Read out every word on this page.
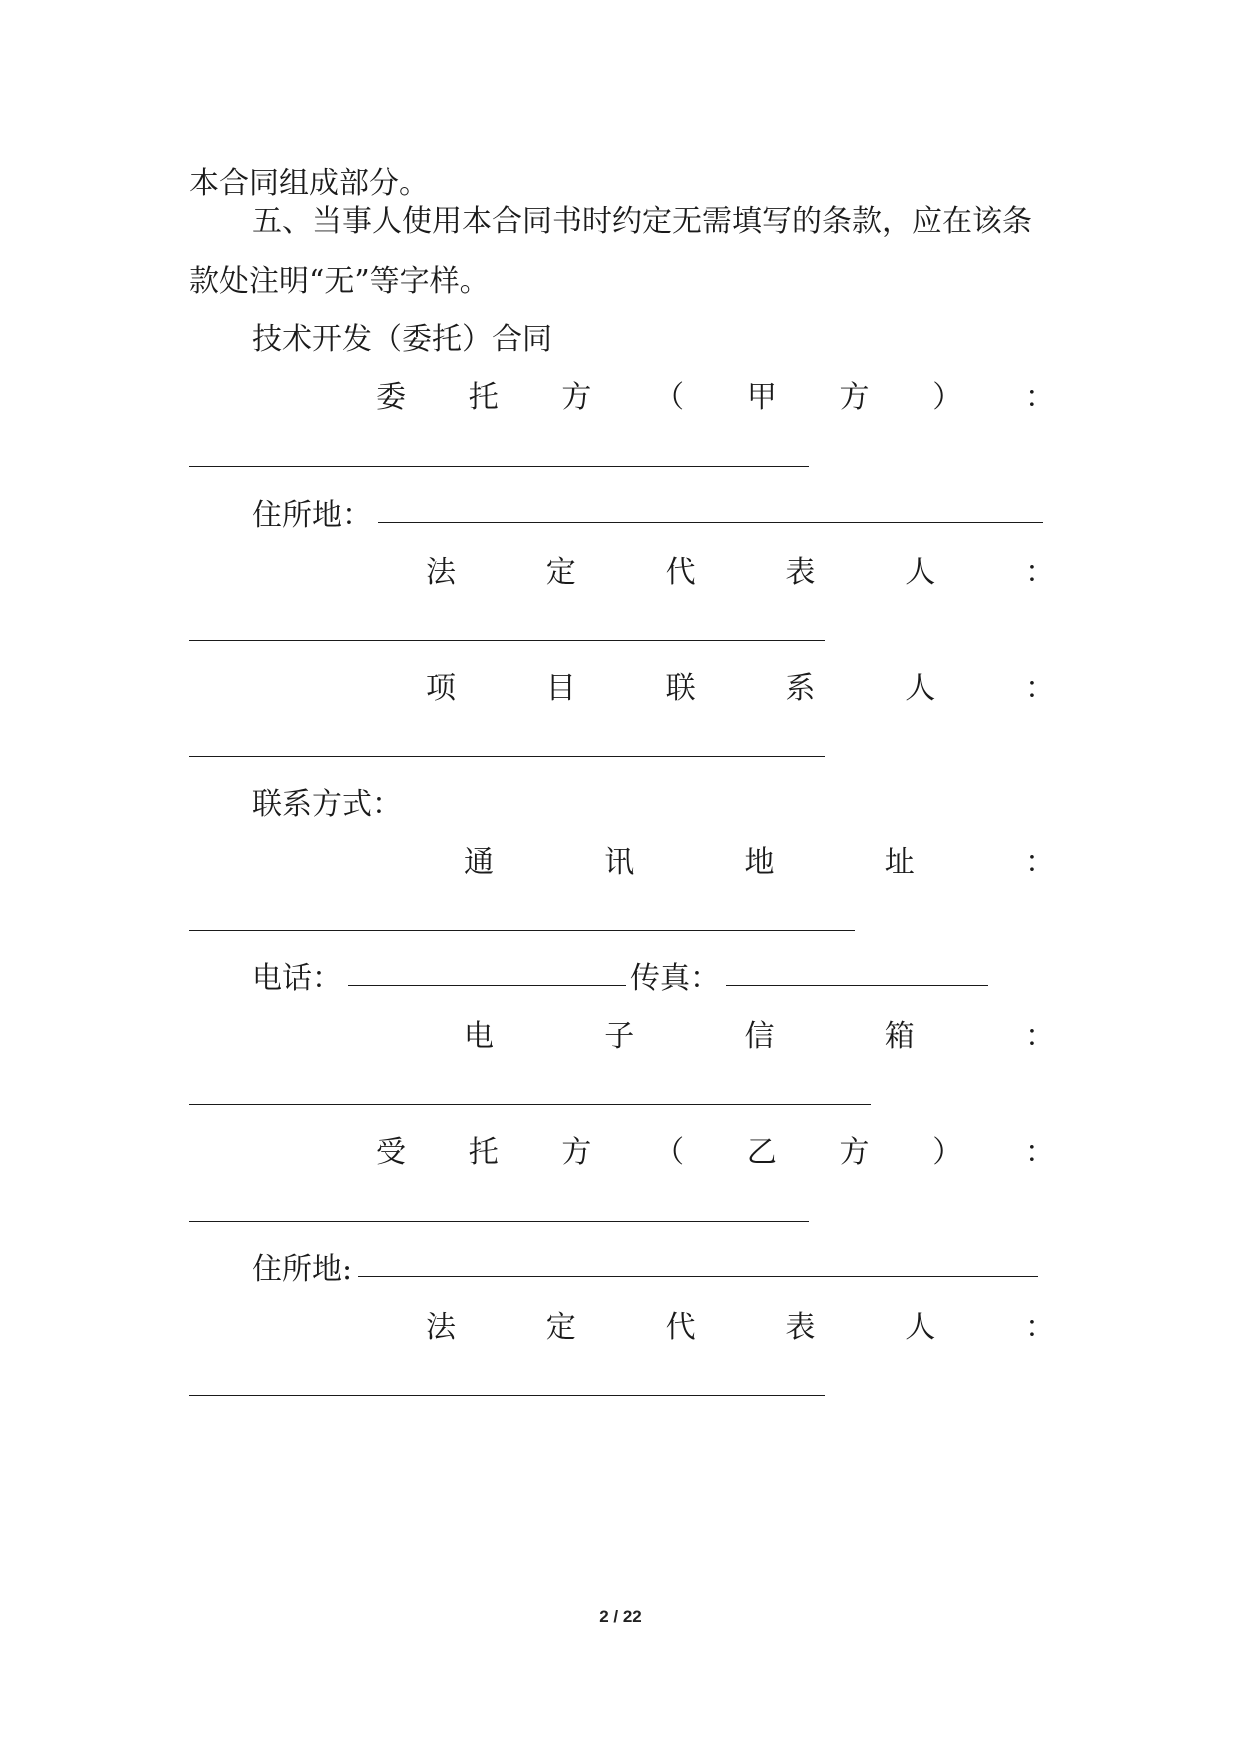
本合同组成部分。
五、当事人使用本合同书时约定无需填写的条款，应在该条
款处注明“无”等字样。
技术开发（委托）合同
委 托 方 （ 甲 方 ） ：
住所地：
法	定	代	表	人	：
项	目	联	系	人	：
联系方式：
通	讯	地	址	：
电话：	传真：
电	子	信	箱	：
受 托 方 （ 乙 方 ） ：
住所地:
法	定	代	表	人	：
2 / 22
